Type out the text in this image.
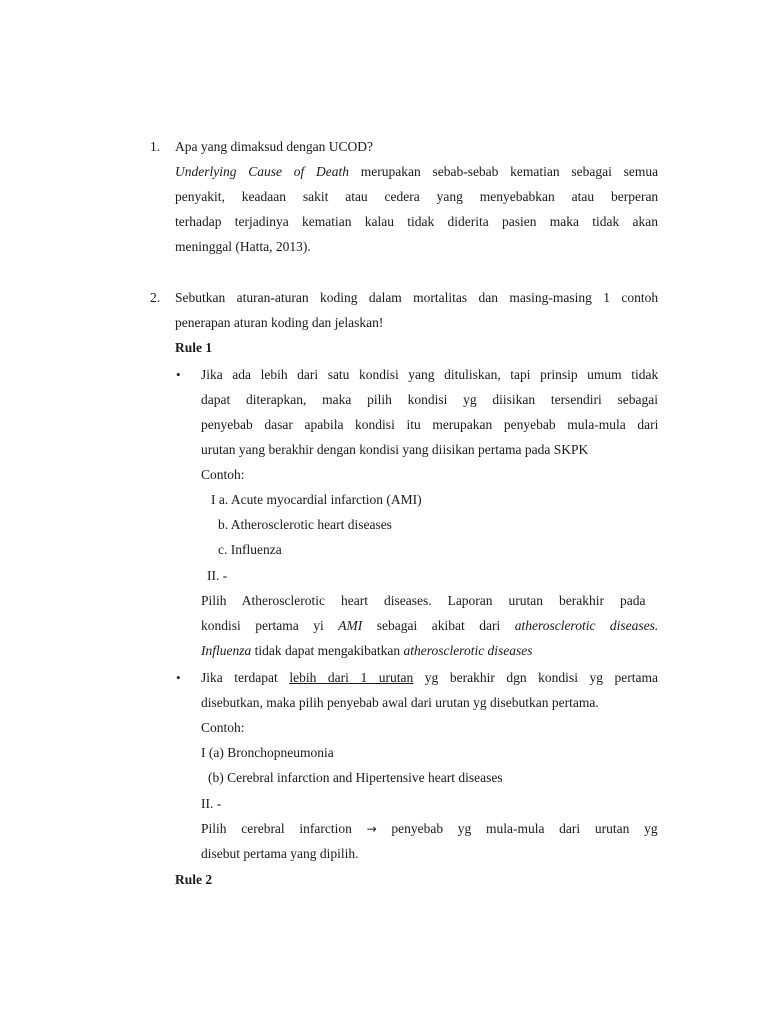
1. Apa yang dimaksud dengan UCOD?
Underlying Cause of Death merupakan sebab-sebab kematian sebagai semua
penyakit, keadaan sakit atau cedera yang menyebabkan atau berperan
terhadap terjadinya kematian kalau tidak diderita pasien maka tidak akan
meninggal (Hatta, 2013).
2. Sebutkan aturan-aturan koding dalam mortalitas dan masing-masing 1 contoh
penerapan aturan koding dan jelaskan!
Rule 1
• Jika ada lebih dari satu kondisi yang dituliskan, tapi prinsip umum tidak
dapat diterapkan, maka pilih kondisi yg diisikan tersendiri sebagai
penyebab dasar apabila kondisi itu merupakan penyebab mula-mula dari
urutan yang berakhir dengan kondisi yang diisikan pertama pada SKPK
Contoh:
I a. Acute myocardial infarction (AMI)
b. Atherosclerotic heart diseases
c. Influenza
II. -
Pilih Atherosclerotic heart diseases. Laporan urutan berakhir pada
kondisi pertama yi AMI sebagai akibat dari atherosclerotic diseases.
Influenza tidak dapat mengakibatkan atherosclerotic diseases
• Jika terdapat lebih dari 1 urutan yg berakhir dgn kondisi yg pertama
disebutkan, maka pilih penyebab awal dari urutan yg disebutkan pertama.
Contoh:
I (a) Bronchopneumonia
(b) Cerebral infarction and Hipertensive heart diseases
II. -
Pilih cerebral infarction → penyebab yg mula-mula dari urutan yg
disebut pertama yang dipilih.
Rule 2
